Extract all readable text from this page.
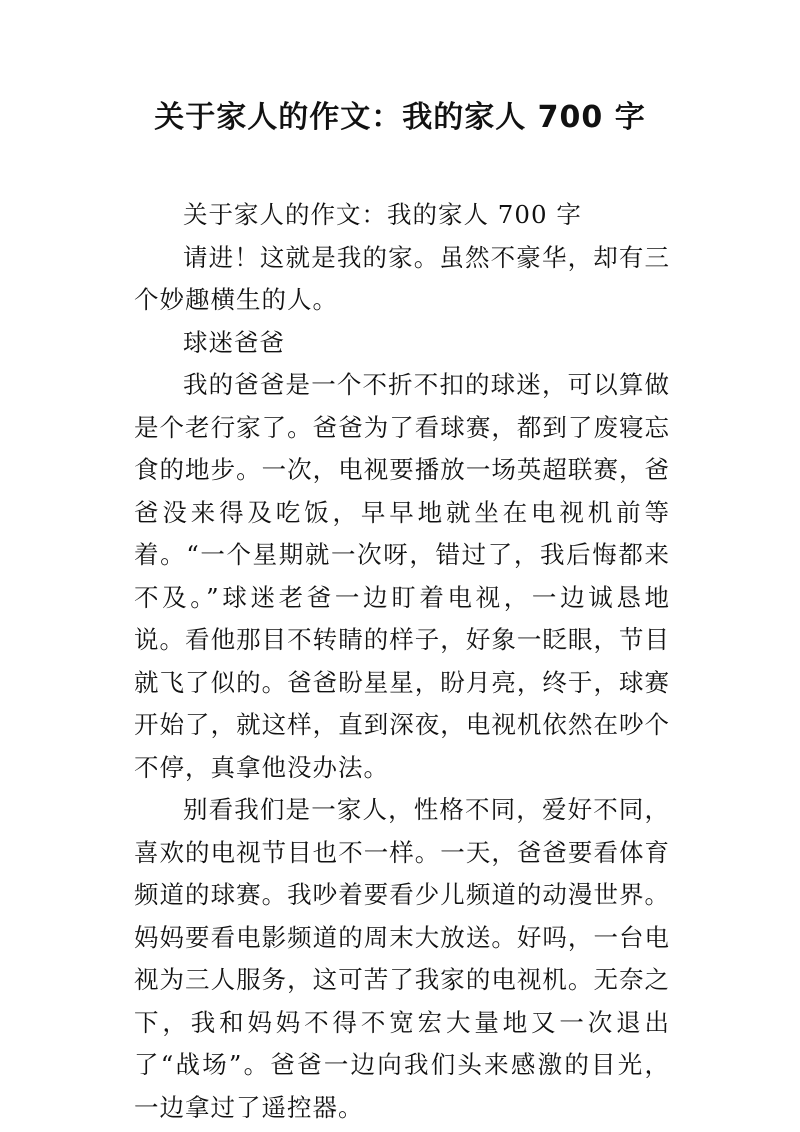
关于家人的作文：我的家人 700 字

关于家人的作文：我的家人 700 字

请进！这就是我的家。虽然不豪华，却有三个妙趣横生的人。

球迷爸爸

我的爸爸是一个不折不扣的球迷，可以算做是个老行家了。爸爸为了看球赛，都到了废寝忘食的地步。一次，电视要播放一场英超联赛，爸爸没来得及吃饭，早早地就坐在电视机前等着。“一个星期就一次呀，错过了，我后悔都来不及。”球迷老爸一边盯着电视，一边诚恳地说。看他那目不转睛的样子，好象一眨眼，节目就飞了似的。爸爸盼星星，盼月亮，终于，球赛开始了，就这样，直到深夜，电视机依然在吵个不停，真拿他没办法。

别看我们是一家人，性格不同，爱好不同，喜欢的电视节目也不一样。一天，爸爸要看体育频道的球赛。我吵着要看少儿频道的动漫世界。妈妈要看电影频道的周末大放送。好吗，一台电视为三人服务，这可苦了我家的电视机。无奈之下，我和妈妈不得不宽宏大量地又一次退出了“战场”。爸爸一边向我们头来感激的目光，一边拿过了遥控器。
